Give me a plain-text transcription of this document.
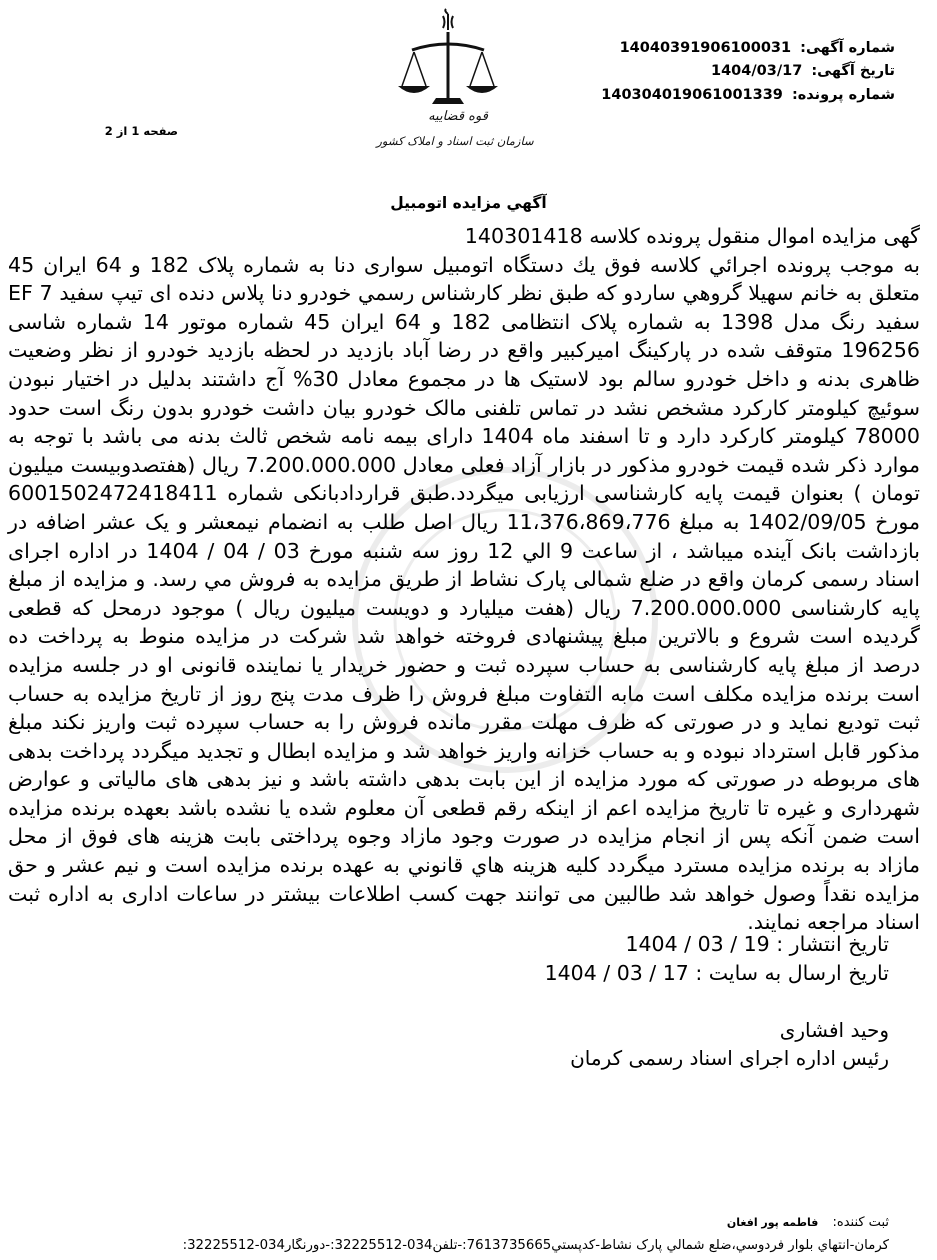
شماره آگهی: 14040391906100031
تاریخ آگهی: 1404/03/17
شماره پرونده: 140304019061001339
قوه قضاییه
سازمان ثبت اسناد و املاک کشور
صفحه 1 از 2
آگهي مزايده اتومبيل
گهی مزایده اموال منقول پرونده کلاسه 140301418
به موجب پرونده اجرائي كلاسه فوق يك دستگاه اتومبیل سواری دنا به شماره پلاک 182 و 64 ایران 45 متعلق به خانم سهیلا گروهي ساردو که طبق نظر كارشناس رسمي خودرو دنا پلاس دنده ای تیپ سفید EF 7 سفید رنگ مدل 1398 به شماره پلاک انتظامی 182 و 64 ایران 45 شماره موتور 14 شماره شاسی 196256 متوقف شده در پارکینگ امیرکبیر واقع در رضا آباد بازدید در لحظه بازدید خودرو از نظر وضعیت ظاهری بدنه و داخل خودرو سالم بود لاستیک ها در مجموع معادل 30% آج داشتند بدلیل در اختیار نبودن سوئیچ کیلومتر کارکرد مشخص نشد در تماس تلفنی مالک خودرو بیان داشت خودرو بدون رنگ است حدود 78000 کیلومتر کارکرد دارد و تا اسفند ماه 1404 دارای بیمه نامه شخص ثالث بدنه می باشد با توجه به موارد ذکر شده قیمت خودرو مذکور در بازار آزاد فعلی معادل 7.200.000.000 ریال (هفتصدوبیست میلیون تومان ) بعنوان قیمت پایه کارشناسی ارزیابی میگردد.طبق قراردادبانکی شماره 6001502472418411 مورخ 1402/09/05 به مبلغ 11،376،869،776 ريال اصل طلب به انضمام نیمعشر و یک عشر اضافه در بازداشت بانک آینده میباشد ، از ساعت 9 الي 12 روز سه شنبه مورخ 03 / 04 / 1404 در اداره اجرای اسناد رسمی کرمان واقع در ضلع شمالی پارک نشاط از طريق مزايده به فروش مي رسد. و مزایده از مبلغ پایه کارشناسی 7.200.000.000 ریال (هفت میلیارد و دویست میلیون ریال ) موجود درمحل که قطعی گردیده است شروع و بالاترین مبلغ پیشنهادی فروخته خواهد شد شرکت در مزایده منوط به پرداخت ده درصد از مبلغ پایه کارشناسی به حساب سپرده ثبت و حضور خریدار یا نماینده قانونی او در جلسه مزایده است برنده مزایده مکلف است مابه التفاوت مبلغ فروش را ظرف مدت پنج روز از تاریخ مزایده به حساب ثبت تودیع نماید و در صورتی که ظرف مهلت مقرر مانده فروش را به حساب سپرده ثبت واریز نکند مبلغ مذکور قابل استرداد نبوده و به حساب خزانه واریز خواهد شد و مزایده ابطال و تجدید میگردد پرداخت بدهی های مربوطه در صورتی که مورد مزایده از این بابت بدهی داشته باشد و نیز بدهی های مالیاتی و عوارض شهرداری و غیره تا تاریخ مزایده اعم از اینکه رقم قطعی آن معلوم شده یا نشده باشد بعهده برنده مزایده است ضمن آنکه پس از انجام مزایده در صورت وجود مازاد وجوه پرداختی بابت هزینه های فوق از محل مازاد به برنده مزایده مسترد میگردد کلیه هزینه هاي قانوني به عهده برنده مزايده است و نیم عشر و حق مزایده نقداً وصول خواهد شد طالبین می توانند جهت کسب اطلاعات بیشتر در ساعات اداری به اداره ثبت اسناد مراجعه نمایند.
تاریخ انتشار : 19 / 03 / 1404
تاریخ ارسال به سایت : 17 / 03 / 1404
وحید افشاری
رئیس اداره اجرای اسناد رسمی کرمان
ثبت کننده: فاطمه پور افغان
کرمان-انتهاي بلوار فردوسي،ضلع شمالي پارک نشاط-کدپستي7613735665:-تلفن034-32225512:-دورنگار034-32225512:
